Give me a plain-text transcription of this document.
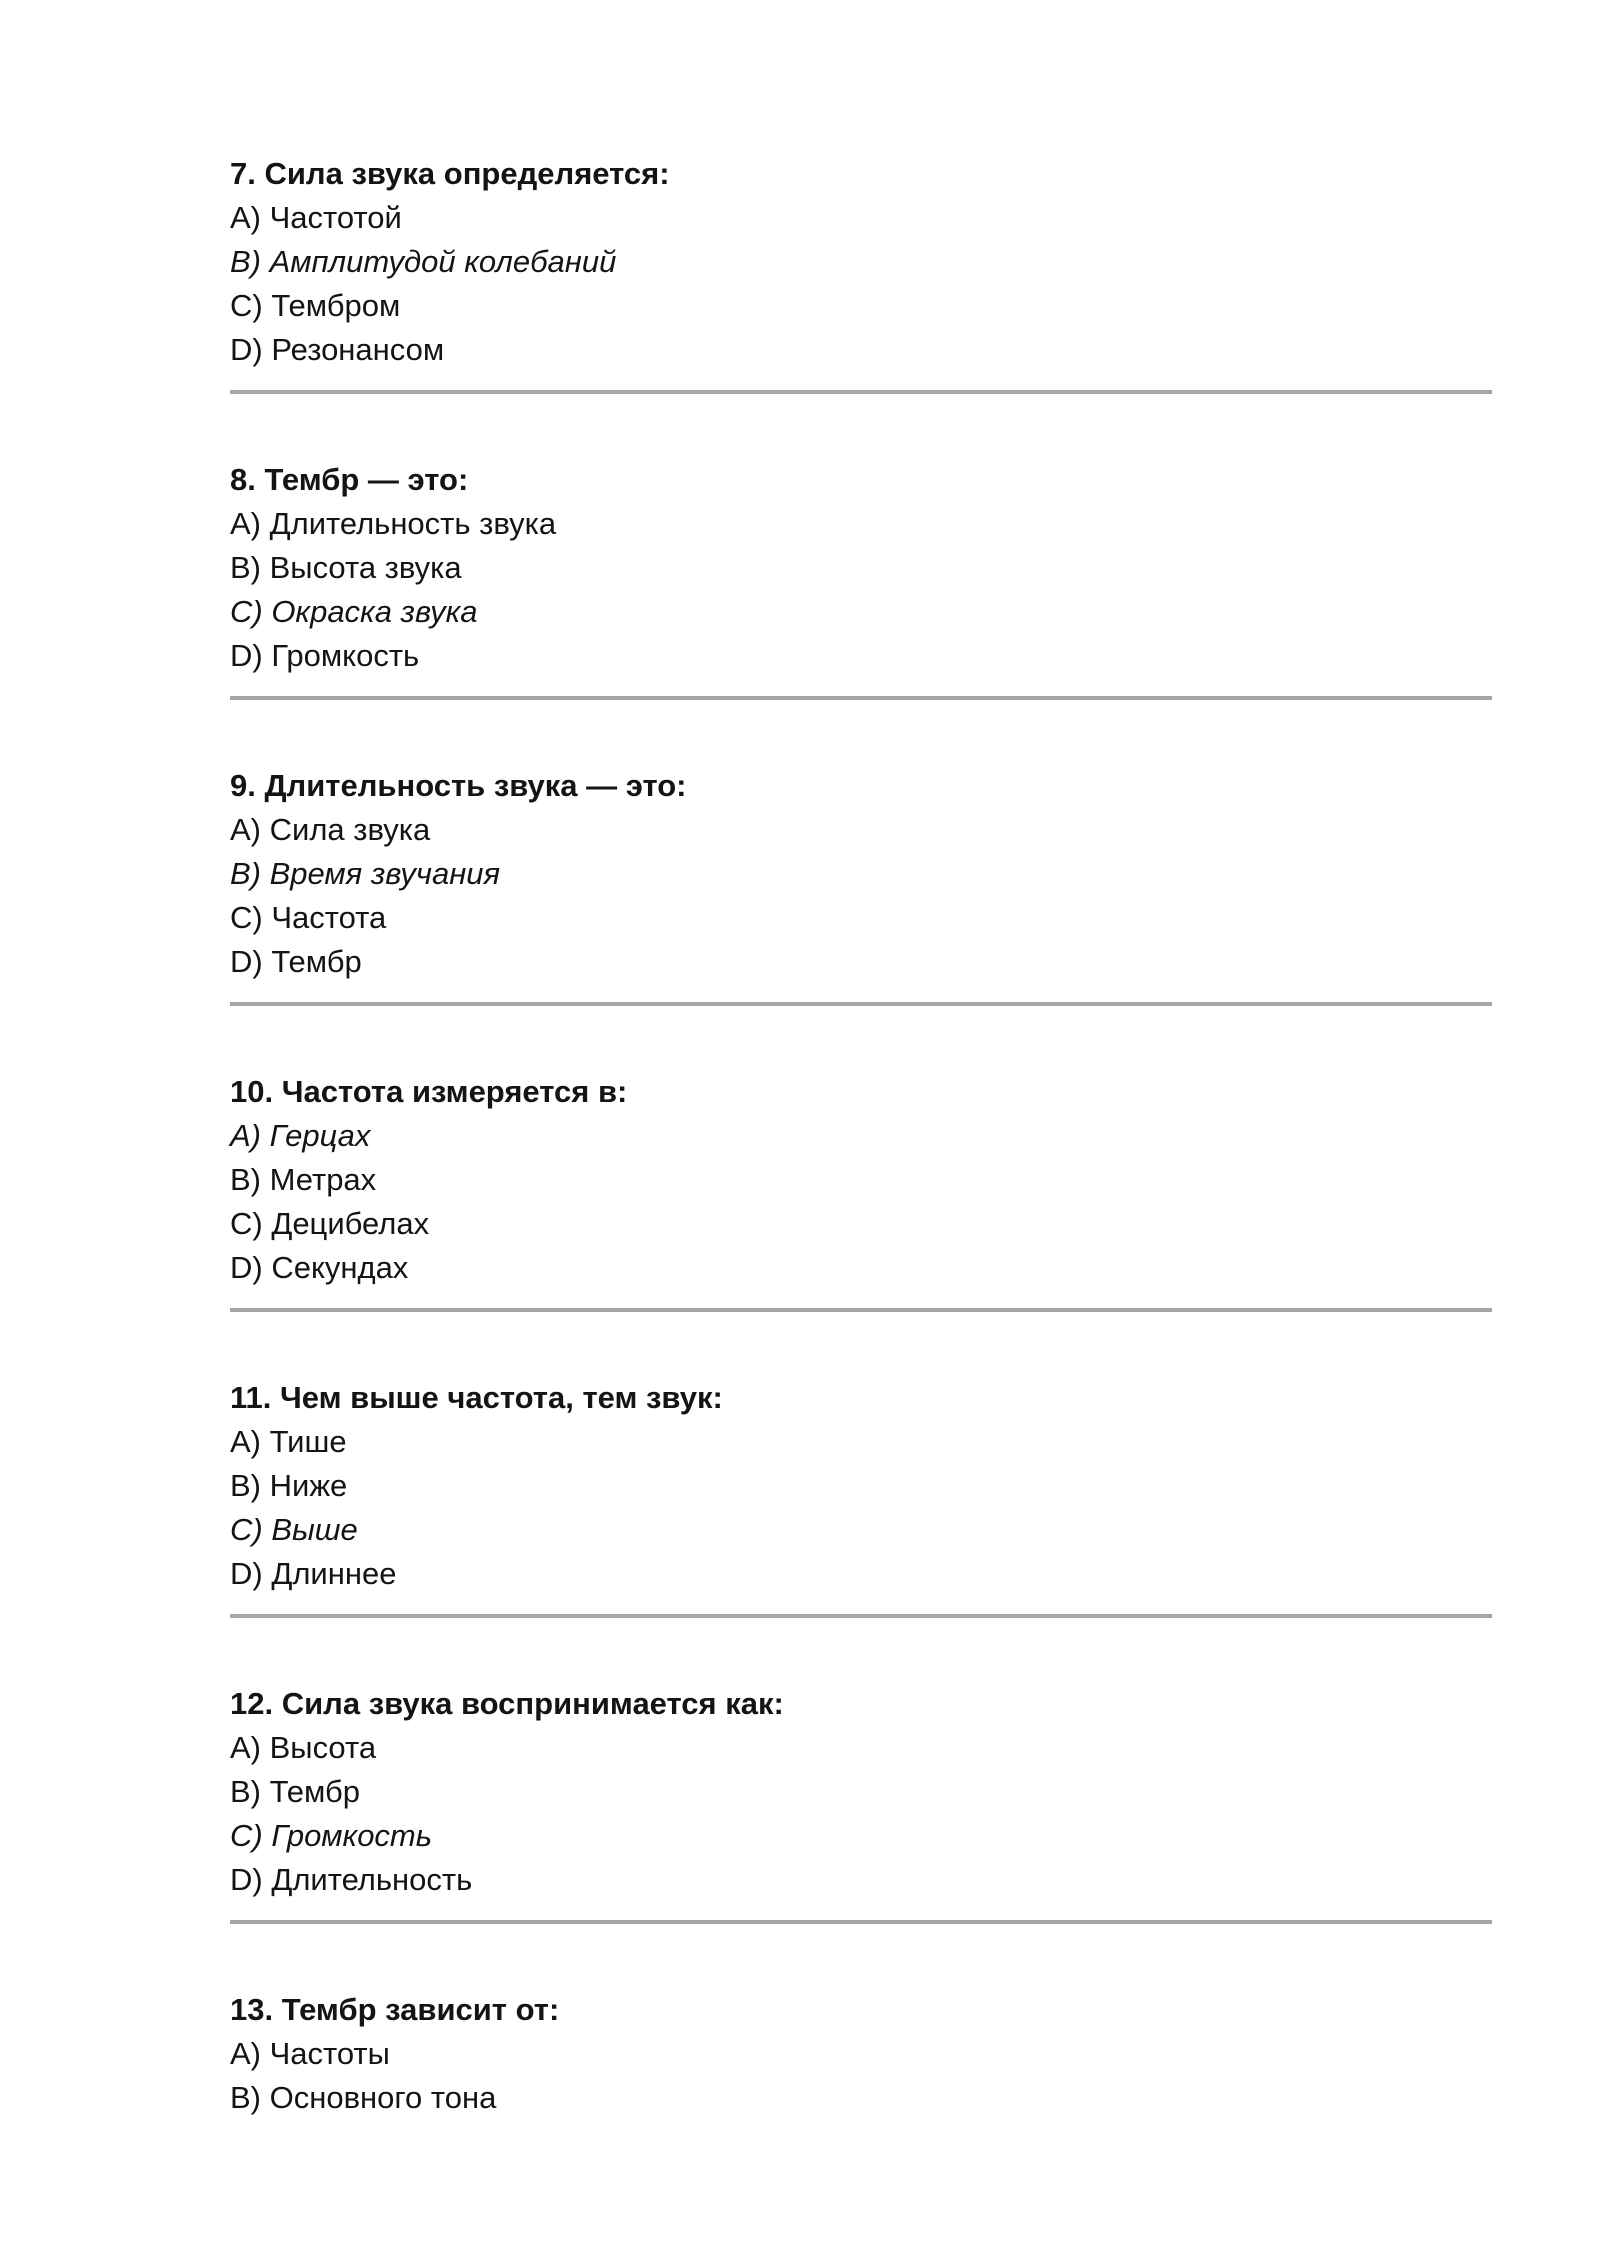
7. Сила звука определяется:
A) Частотой
B) Амплитудой колебаний
C) Тембром
D) Резонансом
8. Тембр — это:
A) Длительность звука
B) Высота звука
C) Окраска звука
D) Громкость
9. Длительность звука — это:
A) Сила звука
B) Время звучания
C) Частота
D) Тембр
10. Частота измеряется в:
A) Герцах
B) Метрах
C) Децибелах
D) Секундах
11. Чем выше частота, тем звук:
A) Тише
B) Ниже
C) Выше
D) Длиннее
12. Сила звука воспринимается как:
A) Высота
B) Тембр
C) Громкость
D) Длительность
13. Тембр зависит от:
A) Частоты
B) Основного тона
